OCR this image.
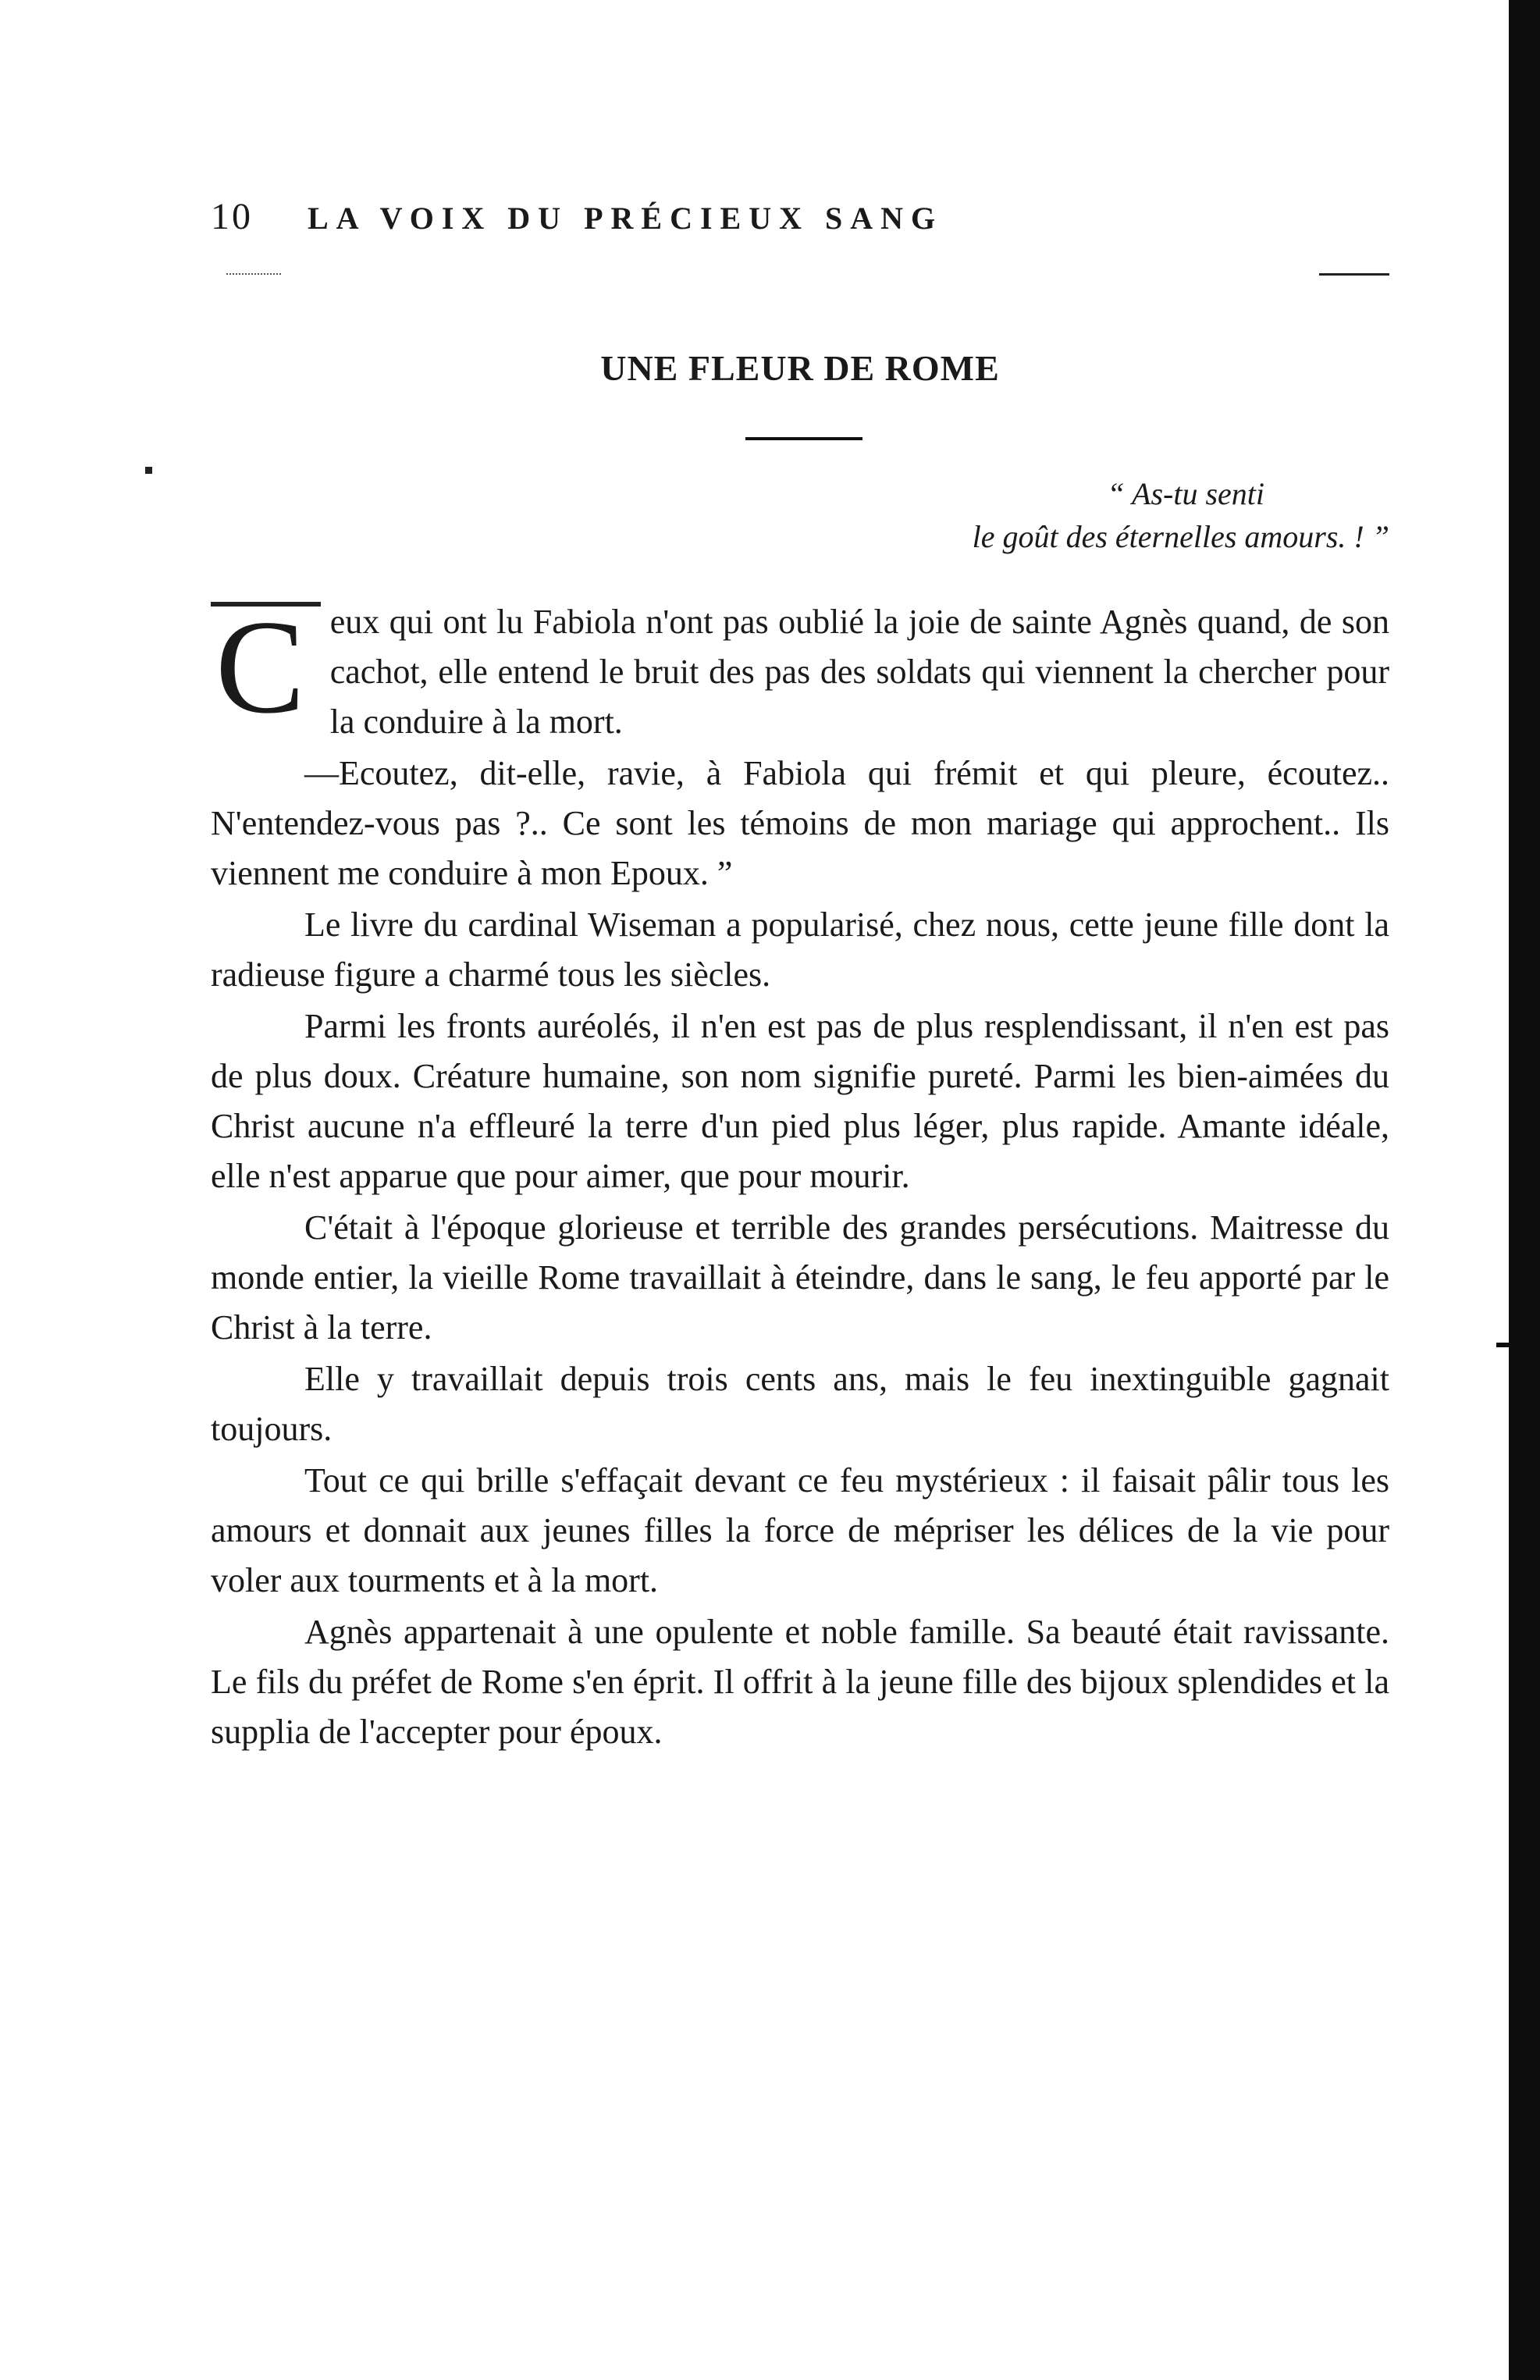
10 LA VOIX DU PRÉCIEUX SANG
UNE FLEUR DE ROME
“ As-tu senti
le goût des éternelles amours. ! ”

C eux qui ont lu Fabiola n'ont pas oublié la joie de sainte Agnès quand, de son cachot, elle entend le bruit des pas des soldats qui viennent la chercher pour la conduire à la mort.

—Ecoutez, dit-elle, ravie, à Fabiola qui frémit et qui pleure, écoutez.. N'entendez-vous pas ?.. Ce sont les témoins de mon mariage qui approchent.. Ils viennent me conduire à mon Epoux. ”

Le livre du cardinal Wiseman a popularisé, chez nous, cette jeune fille dont la radieuse figure a charmé tous les siècles.

Parmi les fronts auréolés, il n'en est pas de plus resplendissant, il n'en est pas de plus doux. Créature humaine, son nom signifie pureté. Parmi les bien-aimées du Christ aucune n'a effleuré la terre d'un pied plus léger, plus rapide. Amante idéale, elle n'est apparue que pour aimer, que pour mourir.

C'était à l'époque glorieuse et terrible des grandes persécutions. Maitresse du monde entier, la vieille Rome travaillait à éteindre, dans le sang, le feu apporté par le Christ à la terre.

Elle y travaillait depuis trois cents ans, mais le feu inextinguible gagnait toujours.

Tout ce qui brille s'effaçait devant ce feu mystérieux : il faisait pâlir tous les amours et donnait aux jeunes filles la force de mépriser les délices de la vie pour voler aux tourments et à la mort.

Agnès appartenait à une opulente et noble famille. Sa beauté était ravissante. Le fils du préfet de Rome s'en éprit. Il offrit à la jeune fille des bijoux splendides et la supplia de l'accepter pour époux.
